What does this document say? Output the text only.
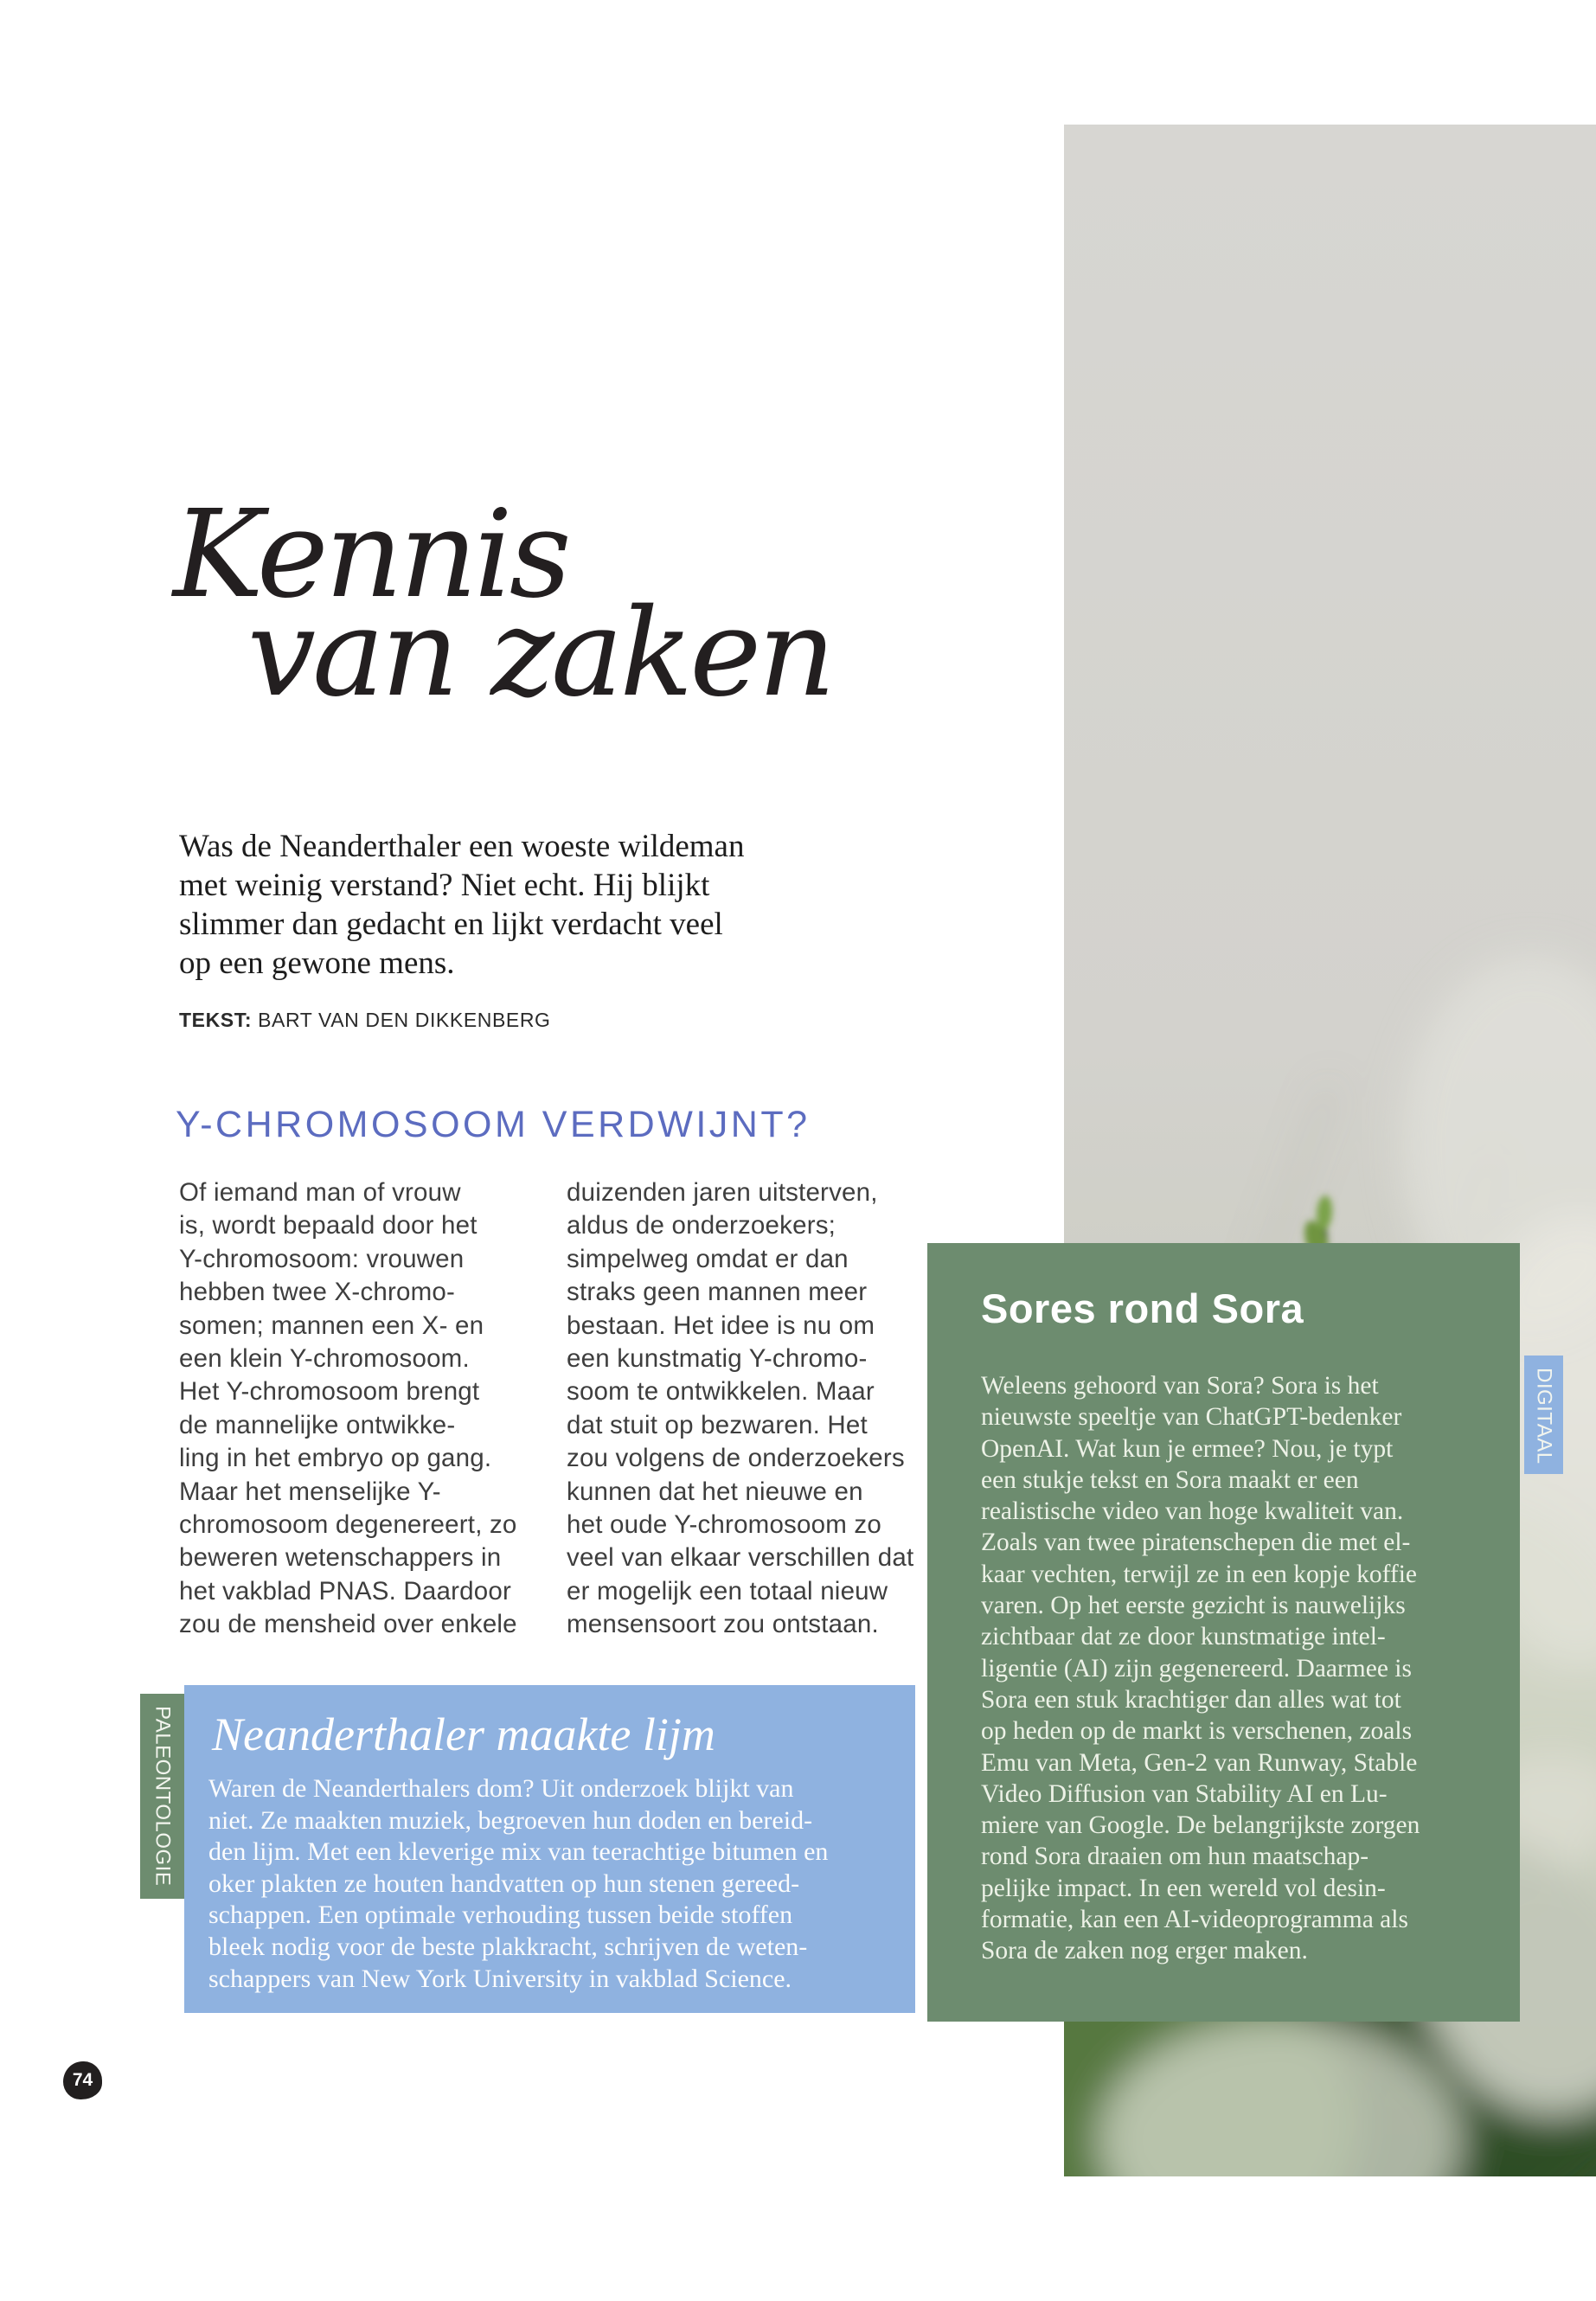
Kennis
van zaken
Was de Neanderthaler een woeste wildeman
met weinig verstand? Niet echt. Hij blijkt
slimmer dan gedacht en lijkt verdacht veel
op een gewone mens.
TEKST: BART VAN DEN DIKKENBERG
Y-CHROMOSOOM VERDWIJNT?
Of iemand man of vrouw
is, wordt bepaald door het
Y-chromosoom: vrouwen
hebben twee X-chromo-
somen; mannen een X- en
een klein Y-chromosoom.
Het Y-chromosoom brengt
de mannelijke ontwikke-
ling in het embryo op gang.
Maar het menselijke Y-
chromosoom degenereert, zo
beweren wetenschappers in
het vakblad PNAS. Daardoor
zou de mensheid over enkele
duizenden jaren uitsterven,
aldus de onderzoekers;
simpelweg omdat er dan
straks geen mannen meer
bestaan. Het idee is nu om
een kunstmatig Y-chromo-
soom te ontwikkelen. Maar
dat stuit op bezwaren. Het
zou volgens de onderzoekers
kunnen dat het nieuwe en
het oude Y-chromosoom zo
veel van elkaar verschillen dat
er mogelijk een totaal nieuw
mensensoort zou ontstaan.
PALEONTOLOGIE Neanderthaler maakte lijm
Waren de Neanderthalers dom? Uit onderzoek blijkt van
niet. Ze maakten muziek, begroeven hun doden en bereid-
den lijm. Met een kleverige mix van teerachtige bitumen en
oker plakten ze houten handvatten op hun stenen gereed-
schappen. Een optimale verhouding tussen beide stoffen
bleek nodig voor de beste plakkracht, schrijven de weten-
schappers van New York University in vakblad Science.
Sores rond Sora
Weleens gehoord van Sora? Sora is het
nieuwste speeltje van ChatGPT-bedenker
OpenAI. Wat kun je ermee? Nou, je typt
een stukje tekst en Sora maakt er een
realistische video van hoge kwaliteit van.
Zoals van twee piratenschepen die met el-
kaar vechten, terwijl ze in een kopje koffie
varen. Op het eerste gezicht is nauwelijks
zichtbaar dat ze door kunstmatige intel-
ligentie (AI) zijn gegenereerd. Daarmee is
Sora een stuk krachtiger dan alles wat tot
op heden op de markt is verschenen, zoals
Emu van Meta, Gen-2 van Runway, Stable
Video Diffusion van Stability AI en Lu-
miere van Google. De belangrijkste zorgen
rond Sora draaien om hun maatschap-
pelijke impact. In een wereld vol desin-
formatie, kan een AI-videoprogramma als
Sora de zaken nog erger maken.
DIGITAAL
74
